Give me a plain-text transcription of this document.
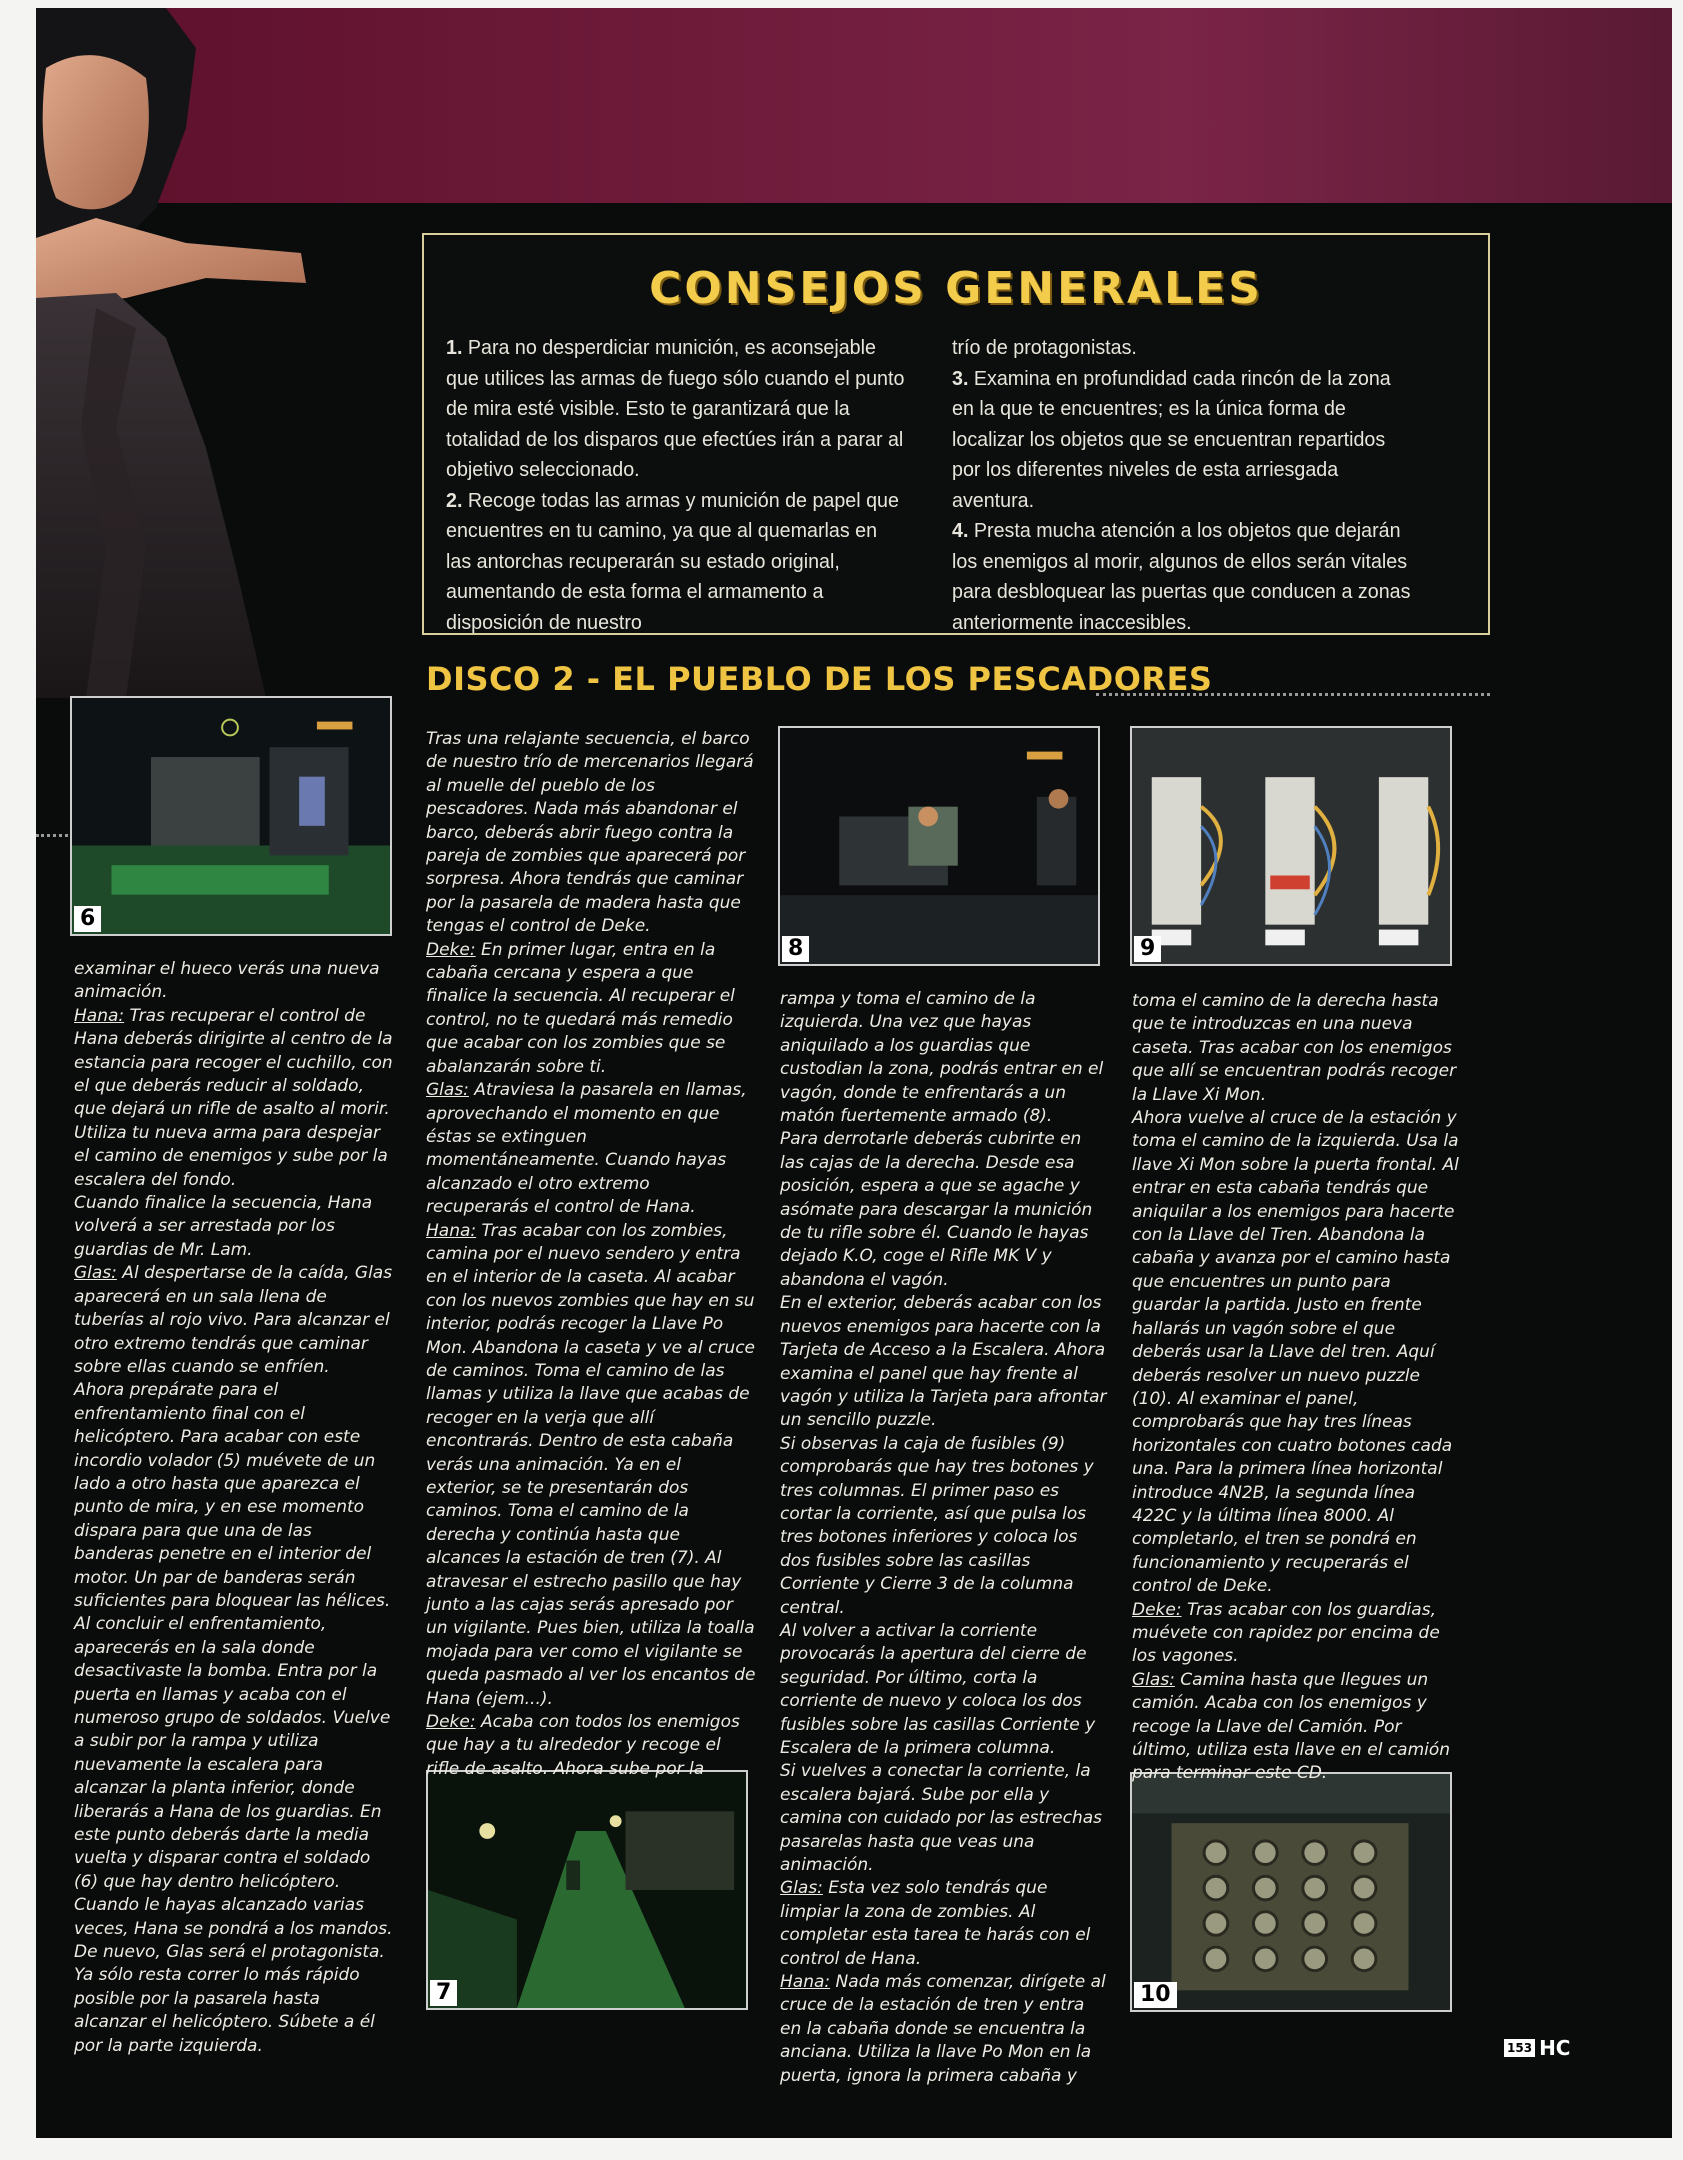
CONSEJOS GENERALES

1. Para no desperdiciar munición, es aconsejable que utilices las armas de fuego sólo cuando el punto de mira esté visible. Esto te garantizará que la totalidad de los disparos que efectúes irán a parar al objetivo seleccionado.

2. Recoge todas las armas y munición de papel que encuentres en tu camino, ya que al quemarlas en las antorchas recuperarán su estado original, aumentando de esta forma el armamento a disposición de nuestro

trío de protagonistas.

3. Examina en profundidad cada rincón de la zona en la que te encuentres; es la única forma de localizar los objetos que se encuentran repartidos por los diferentes niveles de esta arriesgada aventura.

4. Presta mucha atención a los objetos que dejarán los enemigos al morir, algunos de ellos serán vitales para desbloquear las puertas que conducen a zonas anteriormente inaccesibles.

DISCO 2 - EL PUEBLO DE LOS PESCADORES
6
8	9
7	10

examinar el hueco verás una nueva animación.

Hana: Tras recuperar el control de Hana deberás dirigirte al centro de la estancia para recoger el cuchillo, con el que deberás reducir al soldado, que dejará un rifle de asalto al morir. Utiliza tu nueva arma para despejar el camino de enemigos y sube por la escalera del fondo.

Cuando finalice la secuencia, Hana volverá a ser arrestada por los guardias de Mr. Lam.

Glas: Al despertarse de la caída, Glas aparecerá en un sala llena de tuberías al rojo vivo. Para alcanzar el otro extremo tendrás que caminar sobre ellas cuando se enfríen.

Ahora prepárate para el enfrentamiento final con el helicóptero. Para acabar con este incordio volador (5) muévete de un lado a otro hasta que aparezca el punto de mira, y en ese momento dispara para que una de las banderas penetre en el interior del motor. Un par de banderas serán suficientes para bloquear las hélices.

Al concluir el enfrentamiento, aparecerás en la sala donde desactivaste la bomba. Entra por la puerta en llamas y acaba con el numeroso grupo de soldados. Vuelve a subir por la rampa y utiliza nuevamente la escalera para alcanzar la planta inferior, donde liberarás a Hana de los guardias. En este punto deberás darte la media vuelta y disparar contra el soldado (6) que hay dentro helicóptero. Cuando le hayas alcanzado varias veces, Hana se pondrá a los mandos. De nuevo, Glas será el protagonista. Ya sólo resta correr lo más rápido posible por la pasarela hasta alcanzar el helicóptero. Súbete a él por la parte izquierda.

Tras una relajante secuencia, el barco de nuestro trío de mercenarios llegará al muelle del pueblo de los pescadores. Nada más abandonar el barco, deberás abrir fuego contra la pareja de zombies que aparecerá por sorpresa. Ahora tendrás que caminar por la pasarela de madera hasta que tengas el control de Deke.

Deke: En primer lugar, entra en la cabaña cercana y espera a que finalice la secuencia. Al recuperar el control, no te quedará más remedio que acabar con los zombies que se abalanzarán sobre ti.

Glas: Atraviesa la pasarela en llamas, aprovechando el momento en que éstas se extinguen momentáneamente. Cuando hayas alcanzado el otro extremo recuperarás el control de Hana.

Hana: Tras acabar con los zombies, camina por el nuevo sendero y entra en el interior de la caseta. Al acabar con los nuevos zombies que hay en su interior, podrás recoger la Llave Po Mon. Abandona la caseta y ve al cruce de caminos. Toma el camino de las llamas y utiliza la llave que acabas de recoger en la verja que allí encontrarás. Dentro de esta cabaña verás una animación. Ya en el exterior, se te presentarán dos caminos. Toma el camino de la derecha y continúa hasta que alcances la estación de tren (7). Al atravesar el estrecho pasillo que hay junto a las cajas serás apresado por un vigilante. Pues bien, utiliza la toalla mojada para ver como el vigilante se queda pasmado al ver los encantos de Hana (ejem...).

Deke: Acaba con todos los enemigos que hay a tu alrededor y recoge el rifle de asalto. Ahora sube por la

rampa y toma el camino de la izquierda. Una vez que hayas aniquilado a los guardias que custodian la zona, podrás entrar en el vagón, donde te enfrentarás a un matón fuertemente armado (8).

Para derrotarle deberás cubrirte en las cajas de la derecha. Desde esa posición, espera a que se agache y asómate para descargar la munición de tu rifle sobre él. Cuando le hayas dejado K.O, coge el Rifle MK V y abandona el vagón.

En el exterior, deberás acabar con los nuevos enemigos para hacerte con la Tarjeta de Acceso a la Escalera. Ahora examina el panel que hay frente al vagón y utiliza la Tarjeta para afrontar un sencillo puzzle.

Si observas la caja de fusibles (9) comprobarás que hay tres botones y tres columnas. El primer paso es cortar la corriente, así que pulsa los tres botones inferiores y coloca los dos fusibles sobre las casillas Corriente y Cierre 3 de la columna central.

Al volver a activar la corriente provocarás la apertura del cierre de seguridad. Por último, corta la corriente de nuevo y coloca los dos fusibles sobre las casillas Corriente y Escalera de la primera columna.

Si vuelves a conectar la corriente, la escalera bajará. Sube por ella y camina con cuidado por las estrechas pasarelas hasta que veas una animación.

Glas: Esta vez solo tendrás que limpiar la zona de zombies. Al completar esta tarea te harás con el control de Hana.

Hana: Nada más comenzar, dirígete al cruce de la estación de tren y entra en la cabaña donde se encuentra la anciana. Utiliza la llave Po Mon en la puerta, ignora la primera cabaña y

toma el camino de la derecha hasta que te introduzcas en una nueva caseta. Tras acabar con los enemigos que allí se encuentran podrás recoger la Llave Xi Mon.

Ahora vuelve al cruce de la estación y toma el camino de la izquierda. Usa la llave Xi Mon sobre la puerta frontal. Al entrar en esta cabaña tendrás que aniquilar a los enemigos para hacerte con la Llave del Tren. Abandona la cabaña y avanza por el camino hasta que encuentres un punto para guardar la partida. Justo en frente hallarás un vagón sobre el que deberás usar la Llave del tren. Aquí deberás resolver un nuevo puzzle (10). Al examinar el panel, comprobarás que hay tres líneas horizontales con cuatro botones cada una. Para la primera línea horizontal introduce 4N2B, la segunda línea 422C y la última línea 8000. Al completarlo, el tren se pondrá en funcionamiento y recuperarás el control de Deke.

Deke: Tras acabar con los guardias, muévete con rapidez por encima de los vagones.

Glas: Camina hasta que llegues un camión. Acaba con los enemigos y recoge la Llave del Camión. Por último, utiliza esta llave en el camión para terminar este CD.

153 HC
